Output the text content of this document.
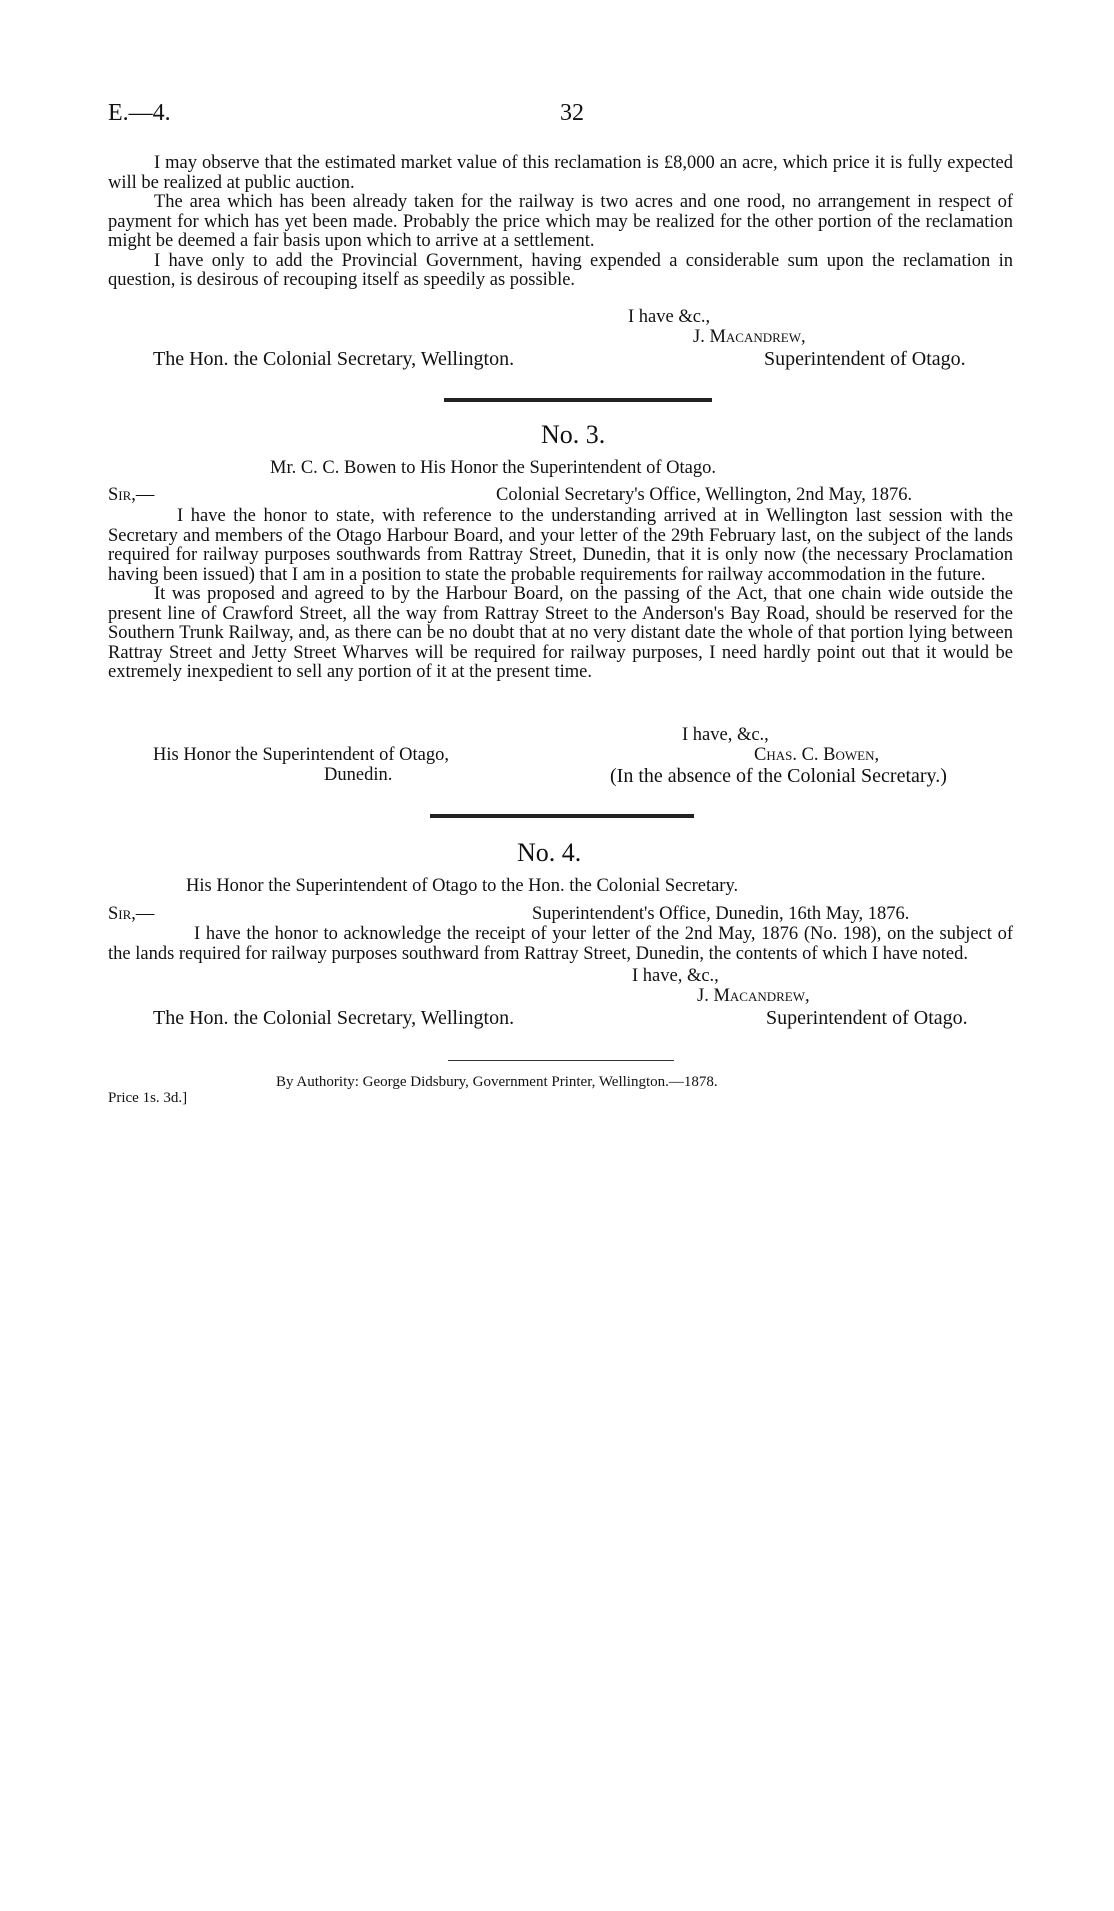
E.—4.	32

I may observe that the estimated market value of this reclamation is £8,000 an acre, which price it is fully expected will be realized at public auction.

The area which has been already taken for the railway is two acres and one rood, no arrangement in respect of payment for which has yet been made. Probably the price which may be realized for the other portion of the reclamation might be deemed a fair basis upon which to arrive at a settlement.

I have only to add the Provincial Government, having expended a considerable sum upon the reclamation in question, is desirous of recouping itself as speedily as possible.

I have &c.,
J. Macandrew,
The Hon. the Colonial Secretary, Wellington.	Superintendent of Otago.
No. 3.
Mr. C. C. Bowen to His Honor the Superintendent of Otago.
Sir,—	Colonial Secretary's Office, Wellington, 2nd May, 1876.

I have the honor to state, with reference to the understanding arrived at in Wellington last session with the Secretary and members of the Otago Harbour Board, and your letter of the 29th February last, on the subject of the lands required for railway purposes southwards from Rattray Street, Dunedin, that it is only now (the necessary Proclamation having been issued) that I am in a position to state the probable requirements for railway accommodation in the future.

It was proposed and agreed to by the Harbour Board, on the passing of the Act, that one chain wide outside the present line of Crawford Street, all the way from Rattray Street to the Anderson's Bay Road, should be reserved for the Southern Trunk Railway, and, as there can be no doubt that at no very distant date the whole of that portion lying between Rattray Street and Jetty Street Wharves will be required for railway purposes, I need hardly point out that it would be extremely inexpedient to sell any portion of it at the present time.

I have, &c.,
His Honor the Superintendent of Otago,	Chas. C. Bowen,
Dunedin.	(In the absence of the Colonial Secretary.)
No. 4.
His Honor the Superintendent of Otago to the Hon. the Colonial Secretary.
Sir,—	Superintendent's Office, Dunedin, 16th May, 1876.

I have the honor to acknowledge the receipt of your letter of the 2nd May, 1876 (No. 198), on the subject of the lands required for railway purposes southward from Rattray Street, Dunedin, the contents of which I have noted.

I have, &c.,
J. Macandrew,
The Hon. the Colonial Secretary, Wellington.	Superintendent of Otago.
By Authority: George Didsbury, Government Printer, Wellington.—1878.
Price 1s. 3d.]
